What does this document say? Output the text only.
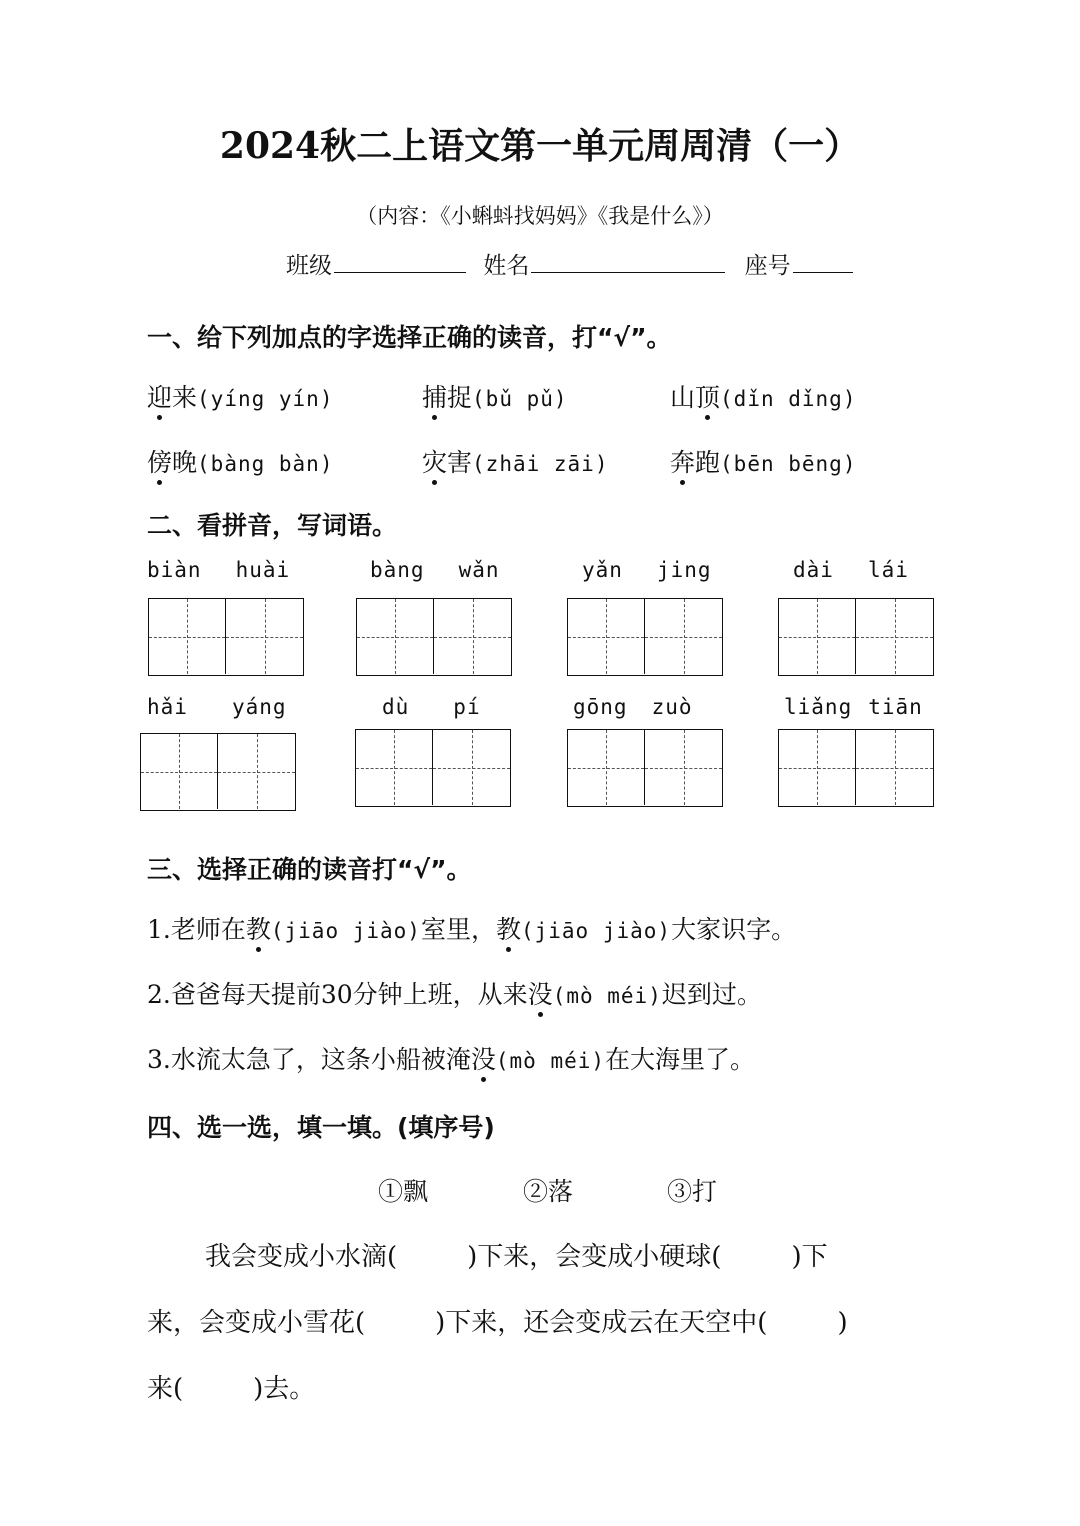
2024秋二上语文第一单元周周清（一）
（内容：《小蝌蚪找妈妈》《我是什么》）
班级	姓名	座号
一、给下列加点的字选择正确的读音，打“√”。
迎来(yíng yín)	捕捉(bǔ pǔ)	山顶(dǐn dǐng)
傍晚(bàng bàn)	灾害(zhāi zāi) 奔跑(bēn bēng)
二、看拼音，写词语。
biàn huài	bàng wǎn	yǎn jing	dài lái
hǎi yáng	dù pí	gōng zuò	liǎng tiān
三、选择正确的读音打“√”。
1.老师在教(jiāo jiào)室里，教(jiāo jiào)大家识字。
2.爸爸每天提前30分钟上班，从来没(mò méi)迟到过。
3.水流太急了，这条小船被淹没(mò méi)在大海里了。
四、选一选，填一填。(填序号)
①飘	②落	③打
我会变成小水滴(	)下来，会变成小硬球(	)下
来，会变成小雪花(	)下来，还会变成云在天空中(	)
来(	)去。
